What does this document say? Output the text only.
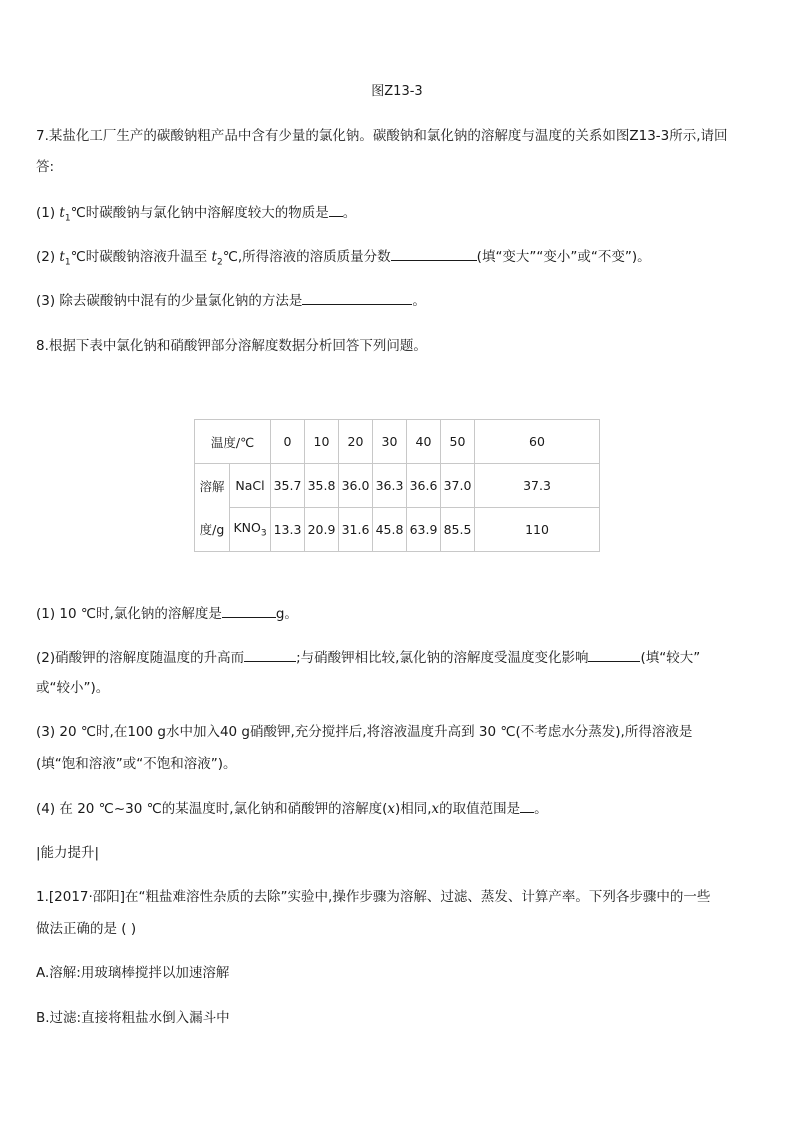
图Z13-3
7.某盐化工厂生产的碳酸钠粗产品中含有少量的氯化钠。碳酸钠和氯化钠的溶解度与温度的关系如图Z13-3所示,请回
答:
(1) $t_1℃$时碳酸钠与氯化钠中溶解度较大的物质是 。
(2) $t_1℃$时碳酸钠溶液升温至 $t_2℃$,所得溶液的溶质质量分数	(填“变大”“变小”或“不变”)。
(3) 除去碳酸钠中混有的少量氯化钠的方法是	。
8.根据下表中氯化钠和硝酸钾部分溶解度数据分析回答下列问题。
温度/℃		0	10	20	30	40	50	60
溶解	NaCl	35.7	35.8	36.0	36.3	36.6	37.0	37.3
度/g	$KNO_3$	13.3	20.9	31.6	45.8	63.9	85.5	110
(1) 10 ℃时,氯化钠的溶解度是	g。
(2)硝酸钾的溶解度随温度的升高而	;与硝酸钾相比较,氯化钠的溶解度受温度变化影响	(填“较大”
或“较小”)。
(3) 20 ℃时,在100 g水中加入40 g硝酸钾,充分搅拌后,将溶液温度升高到 30 ℃(不考虑水分蒸发),所得溶液是
(填“饱和溶液”或“不饱和溶液”)。
(4) 在 20 ℃~30 ℃的某温度时,氯化钠和硝酸钾的溶解度(x)相同,x的取值范围是 。
|能力提升|
1.[2017·邵阳]在“粗盐难溶性杂质的去除”实验中,操作步骤为溶解、过滤、蒸发、计算产率。下列各步骤中的一些
做法正确的是 ( )
A.溶解:用玻璃棒搅拌以加速溶解
B.过滤:直接将粗盐水倒入漏斗中
